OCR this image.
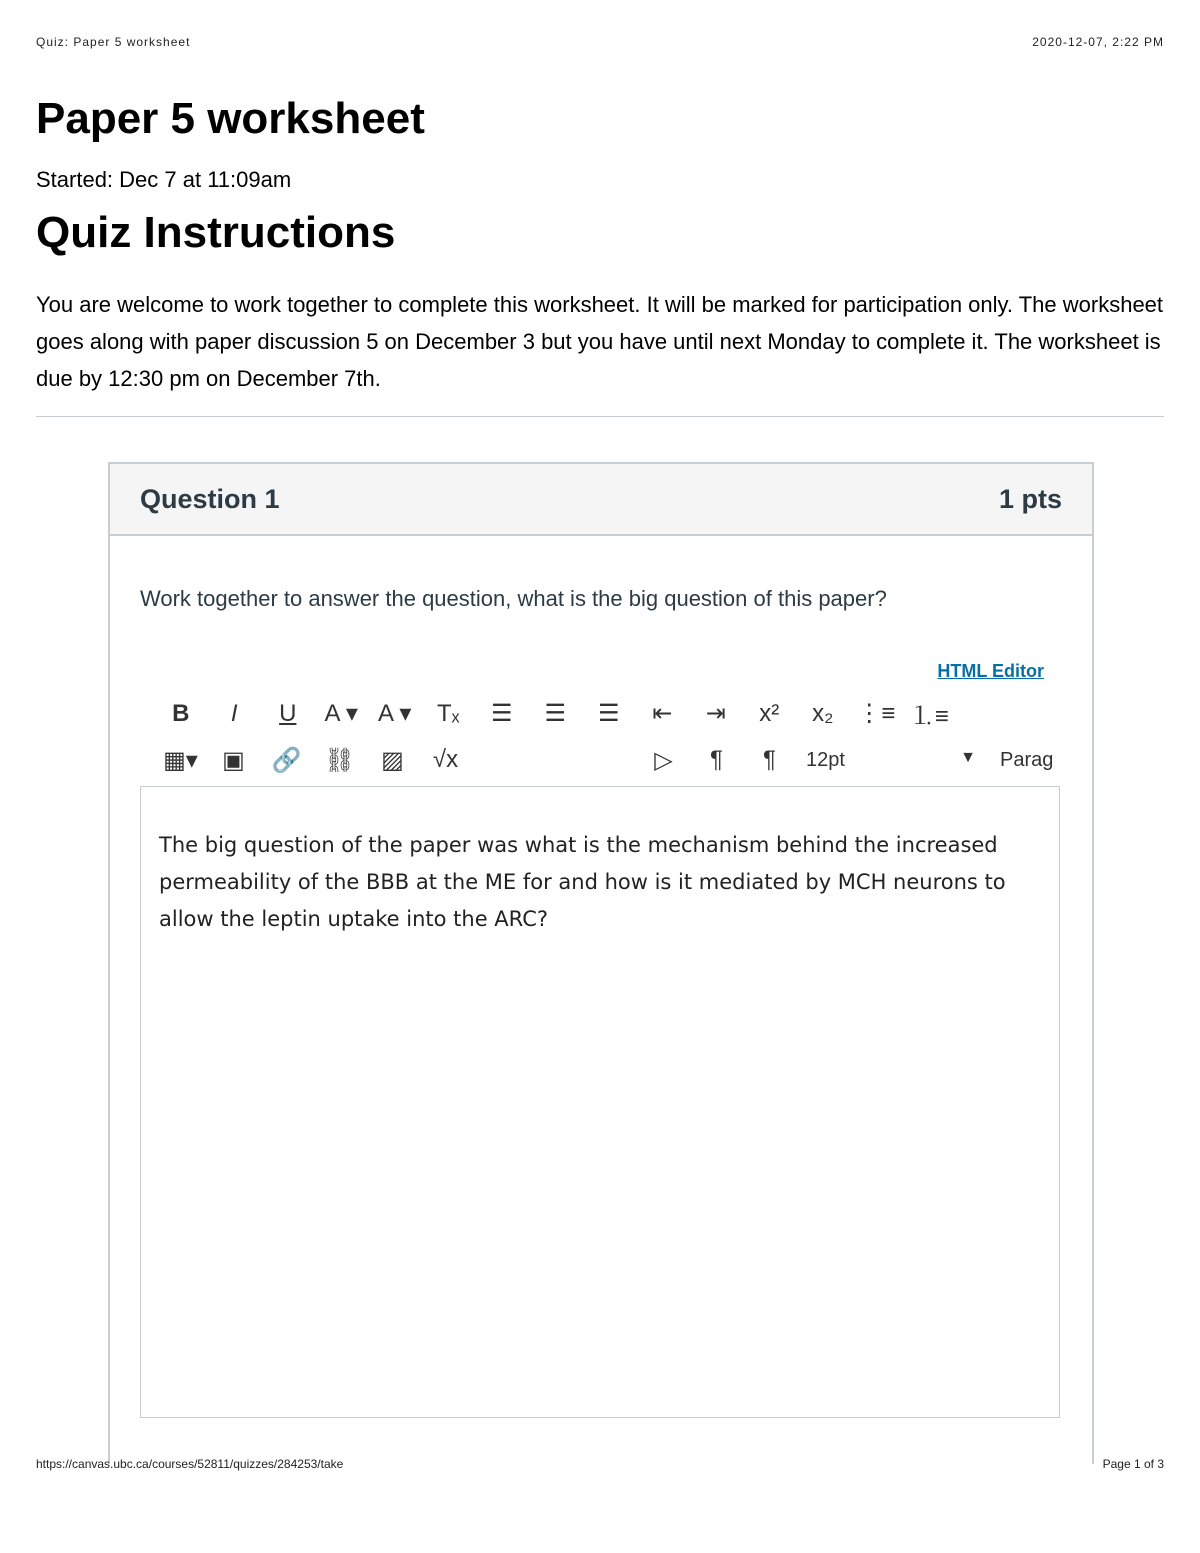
Quiz: Paper 5 worksheet	2020-12-07, 2:22 PM
Paper 5 worksheet
Started: Dec 7 at 11:09am
Quiz Instructions
You are welcome to work together to complete this worksheet. It will be marked for participation only. The worksheet goes along with paper discussion 5 on December 3 but you have until next Monday to complete it. The worksheet is due by 12:30 pm on December 7th.
Question 1	1 pts
Work together to answer the question, what is the big question of this paper?
HTML Editor
B	I	U	A ▾ A ▾	Tₓ	☰	☰	☰	⇤	⇥	x²	x₂ ⋮≡ ⒈≡
▦▾	▣	🔗 ⛓	▨	√x	▷	¶	¶	12pt	▼ Parag
The big question of the paper was what is the mechanism behind the increased permeability of the BBB at the ME for and how is it mediated by MCH neurons to allow the leptin uptake into the ARC?
https://canvas.ubc.ca/courses/52811/quizzes/284253/take	Page 1 of 3
